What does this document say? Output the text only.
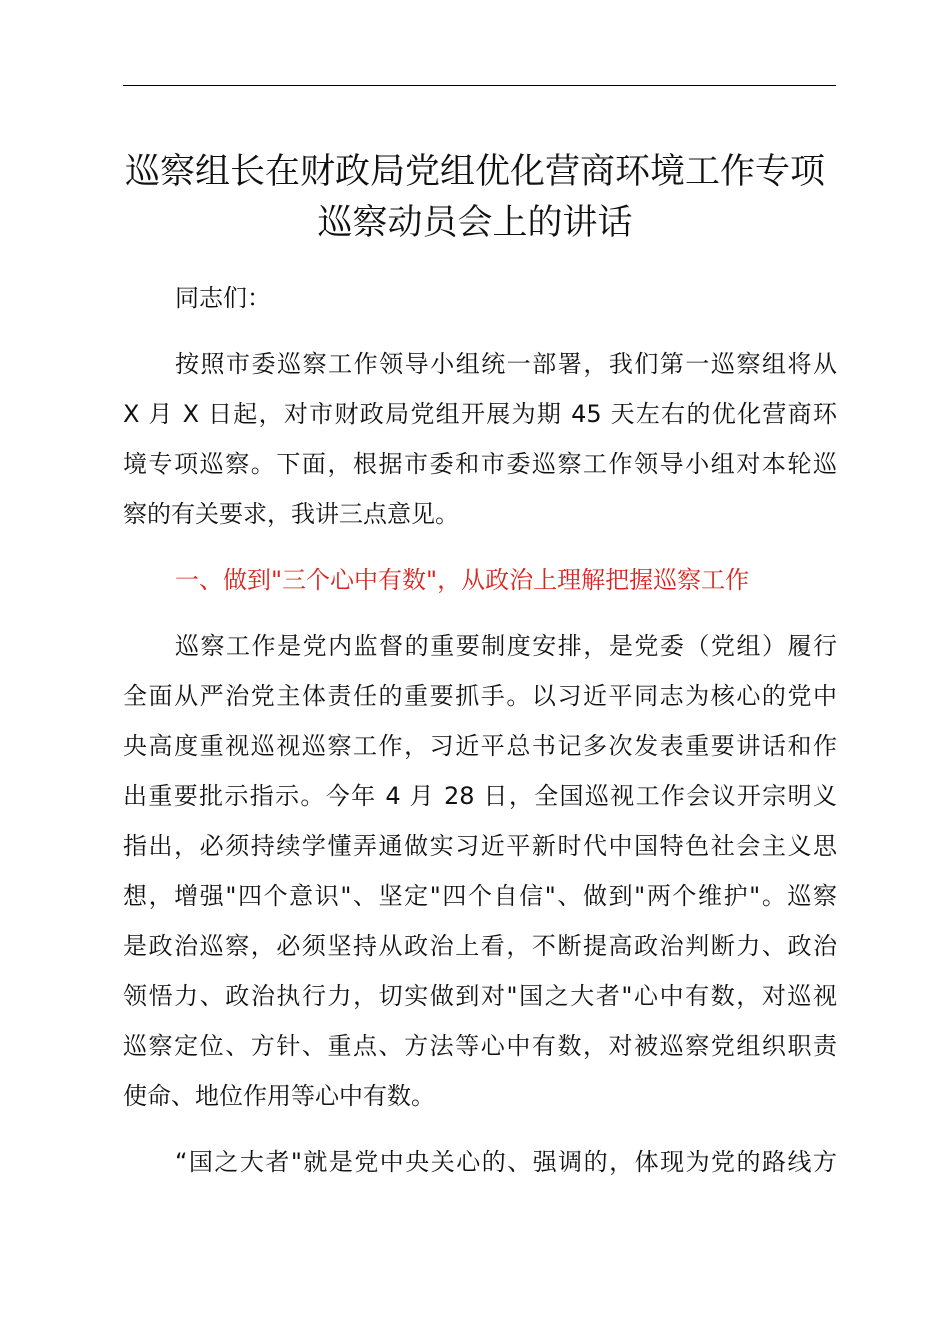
巡察组长在财政局党组优化营商环境工作专项
巡察动员会上的讲话

同志们：

按照市委巡察工作领导小组统一部署，我们第一巡察组将从

X 月 X 日起，对市财政局党组开展为期 45 天左右的优化营商环

境专项巡察。下面，根据市委和市委巡察工作领导小组对本轮巡

察的有关要求，我讲三点意见。

一、做到"三个心中有数"，从政治上理解把握巡察工作

巡察工作是党内监督的重要制度安排，是党委（党组）履行

全面从严治党主体责任的重要抓手。以习近平同志为核心的党中

央高度重视巡视巡察工作，习近平总书记多次发表重要讲话和作

出重要批示指示。今年 4 月 28 日，全国巡视工作会议开宗明义

指出，必须持续学懂弄通做实习近平新时代中国特色社会主义思

想，增强"四个意识"、坚定"四个自信"、做到"两个维护"。巡察

是政治巡察，必须坚持从政治上看，不断提高政治判断力、政治

领悟力、政治执行力，切实做到对"国之大者"心中有数，对巡视

巡察定位、方针、重点、方法等心中有数，对被巡察党组织职责

使命、地位作用等心中有数。

“国之大者"就是党中央关心的、强调的，体现为党的路线方
